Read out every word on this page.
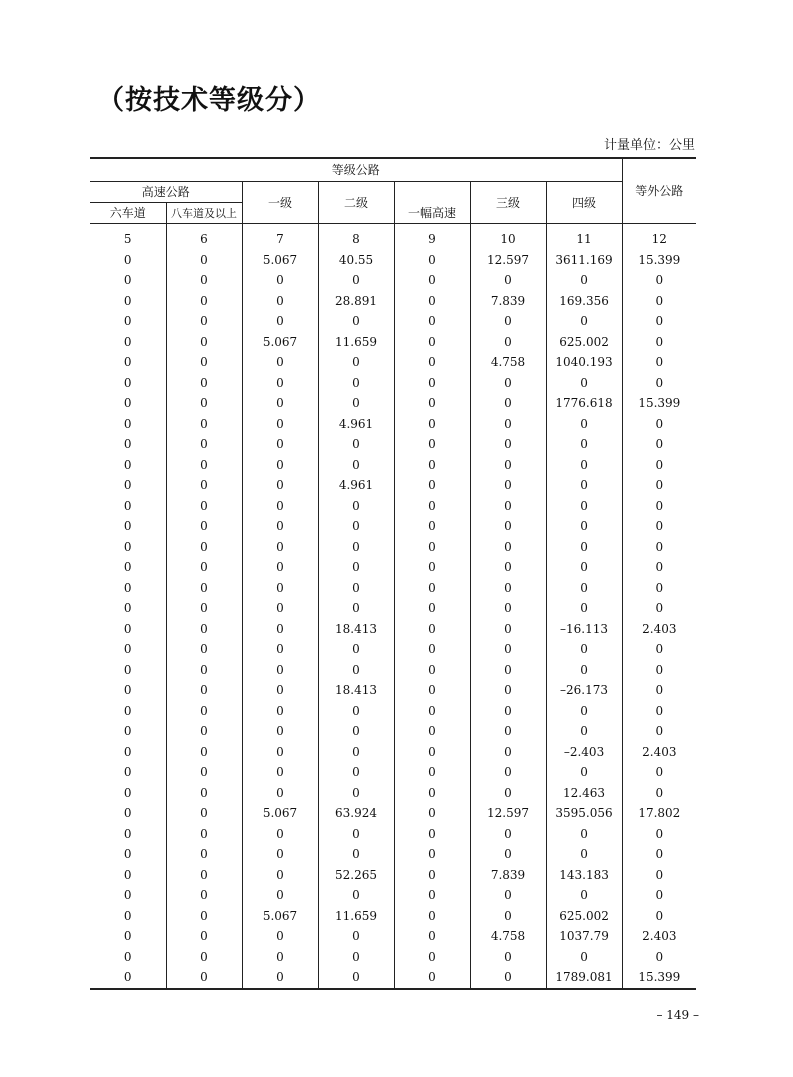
（按技术等级分）
计量单位：公里
等级公路							等外公路
高速公路		一级	二级	一幅高速	三级	四级	
六车道	八车道及以上						
5	6	7	8	9	10	11	12
0	0	5.067	40.55	0	12.597	3611.169	15.399
0	0	0	0	0	0	0	0
0	0	0	28.891	0	7.839	169.356	0
0	0	0	0	0	0	0	0
0	0	5.067	11.659	0	0	625.002	0
0	0	0	0	0	4.758	1040.193	0
0	0	0	0	0	0	0	0
0	0	0	0	0	0	1776.618	15.399
0	0	0	4.961	0	0	0	0
0	0	0	0	0	0	0	0
0	0	0	0	0	0	0	0
0	0	0	4.961	0	0	0	0
0	0	0	0	0	0	0	0
0	0	0	0	0	0	0	0
0	0	0	0	0	0	0	0
0	0	0	0	0	0	0	0
0	0	0	0	0	0	0	0
0	0	0	0	0	0	0	0
0	0	0	18.413	0	0	–16.113	2.403
0	0	0	0	0	0	0	0
0	0	0	0	0	0	0	0
0	0	0	18.413	0	0	–26.173	0
0	0	0	0	0	0	0	0
0	0	0	0	0	0	0	0
0	0	0	0	0	0	–2.403	2.403
0	0	0	0	0	0	0	0
0	0	0	0	0	0	12.463	0
0	0	5.067	63.924	0	12.597	3595.056	17.802
0	0	0	0	0	0	0	0
0	0	0	0	0	0	0	0
0	0	0	52.265	0	7.839	143.183	0
0	0	0	0	0	0	0	0
0	0	5.067	11.659	0	0	625.002	0
0	0	0	0	0	4.758	1037.79	2.403
0	0	0	0	0	0	0	0
0	0	0	0	0	0	1789.081	15.399
– 149 –
